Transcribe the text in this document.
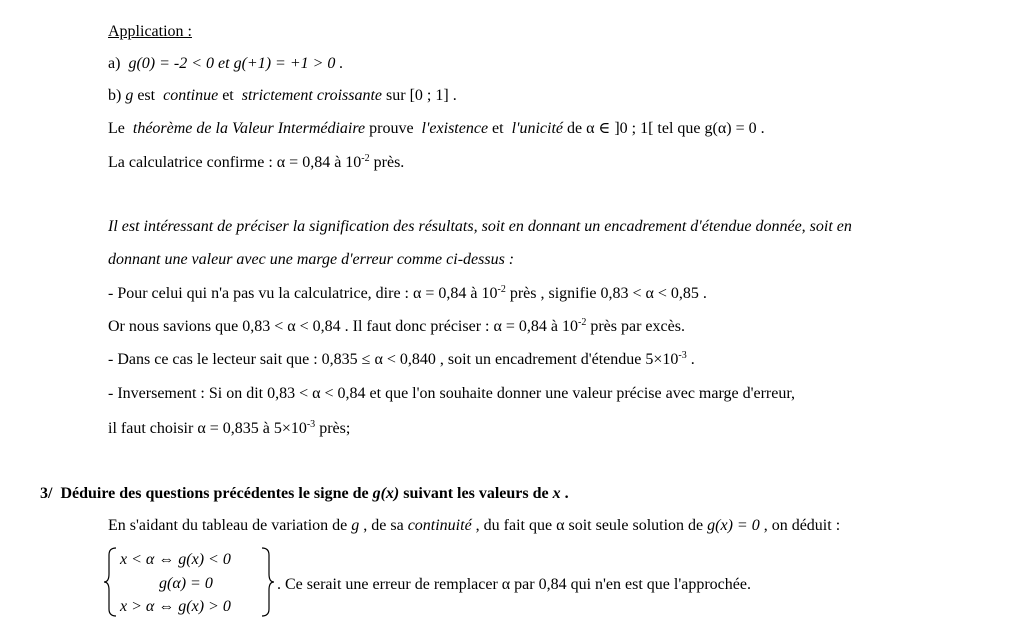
Application :
a) g(0) = -2 < 0 et g(+1) = +1 > 0 .
b) g est  continue et  strictement croissante sur [0 ; 1] .
Le  théorème de la Valeur Intermédiaire prouve  l'existence et  l'unicité de α ∈ ]0 ; 1[ tel que g(α) = 0 .
La calculatrice confirme : α = 0,84 à $10^{-2}$ près.
Il est intéressant de préciser la signification des résultats, soit en donnant un encadrement d'étendue donnée, soit en
donnant une valeur avec une marge d'erreur comme ci-dessus :
- Pour celui qui n'a pas vu la calculatrice, dire : α = 0,84 à $10^{-2}$ près , signifie 0,83 < α < 0,85 .
Or nous savions que 0,83 < α < 0,84 . Il faut donc préciser : α = 0,84 à $10^{-2}$ près par excès.
- Dans ce cas le lecteur sait que : 0,835 ≤ α < 0,840 , soit un encadrement d'étendue $5\times 10^{-3}$ .
- Inversement : Si on dit 0,83 < α < 0,84 et que l'on souhaite donner une valeur précise avec marge d'erreur,
il faut choisir α = 0,835 à $5\times 10^{-3}$ près;
3/ Déduire des questions précédentes le signe de g(x) suivant les valeurs de x .
En s'aidant du tableau de variation de g , de sa continuité , du fait que α soit seule solution de g(x) = 0 , on déduit :
x < α ⇔ g(x) < 0
g(α) = 0
x > α ⇔ g(x) > 0
. Ce serait une erreur de remplacer α par 0,84 qui n'en est que l'approchée.
